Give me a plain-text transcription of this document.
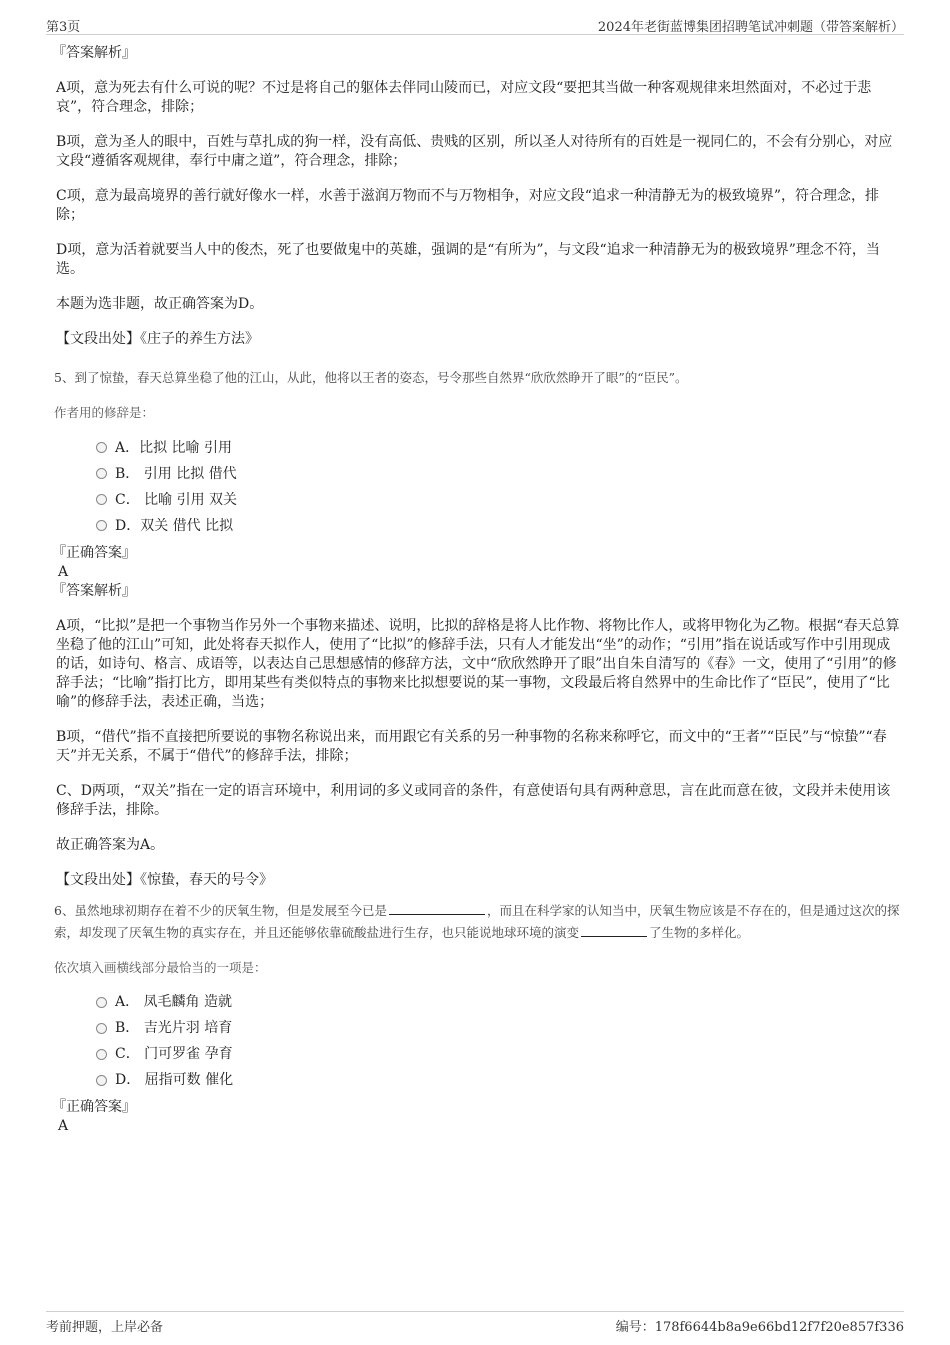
第3页	2024年老街蓝博集团招聘笔试冲刺题（带答案解析）

『答案解析』

A项，意为死去有什么可说的呢？不过是将自己的躯体去伴同山陵而已，对应文段“要把其当做一种客观规律来坦然面对，不必过于悲哀”，符合理念，排除；

B项，意为圣人的眼中，百姓与草扎成的狗一样，没有高低、贵贱的区别，所以圣人对待所有的百姓是一视同仁的，不会有分别心，对应文段“遵循客观规律，奉行中庸之道”，符合理念，排除；

C项，意为最高境界的善行就好像水一样，水善于滋润万物而不与万物相争，对应文段“追求一种清静无为的极致境界”，符合理念，排除；

D项，意为活着就要当人中的俊杰，死了也要做鬼中的英雄，强调的是“有所为”，与文段“追求一种清静无为的极致境界”理念不符，当选。

本题为选非题，故正确答案为D。

【文段出处】《庄子的养生方法》

5、到了惊蛰，春天总算坐稳了他的江山，从此，他将以王者的姿态，号令那些自然界“欣欣然睁开了眼”的“臣民”。

作者用的修辞是：

A．比拟 比喻 引用
B． 引用 比拟 借代
C． 比喻 引用 双关
D．双关 借代 比拟

『正确答案』

A

『答案解析』

A项，“比拟”是把一个事物当作另外一个事物来描述、说明，比拟的辞格是将人比作物、将物比作人，或将甲物化为乙物。根据“春天总算坐稳了他的江山”可知，此处将春天拟作人，使用了“比拟”的修辞手法，只有人才能发出“坐”的动作；“引用”指在说话或写作中引用现成的话，如诗句、格言、成语等，以表达自己思想感情的修辞方法，文中“欣欣然睁开了眼”出自朱自清写的《春》一文，使用了“引用”的修辞手法；“比喻”指打比方，即用某些有类似特点的事物来比拟想要说的某一事物，文段最后将自然界中的生命比作了“臣民”，使用了“比喻”的修辞手法，表述正确，当选；

B项，“借代”指不直接把所要说的事物名称说出来，而用跟它有关系的另一种事物的名称来称呼它，而文中的“王者”“臣民”与“惊蛰”“春天”并无关系，不属于“借代”的修辞手法，排除；

C、D两项，“双关”指在一定的语言环境中，利用词的多义或同音的条件，有意使语句具有两种意思，言在此而意在彼，文段并未使用该修辞手法，排除。

故正确答案为A。

【文段出处】《惊蛰，春天的号令》

6、虽然地球初期存在着不少的厌氧生物，但是发展至今已是	，而且在科学家的认知当中，厌氧生物应该是不存在的，但是通过这次的探索，却发现了厌氧生物的真实存在，并且还能够依靠硫酸盐进行生存，也只能说地球环境的演变	了生物的多样化。

依次填入画横线部分最恰当的一项是：

A． 凤毛麟角 造就
B． 吉光片羽 培育
C． 门可罗雀 孕育
D． 屈指可数 催化

『正确答案』

A

考前押题，上岸必备	编号：178f6644b8a9e66bd12f7f20e857f336
